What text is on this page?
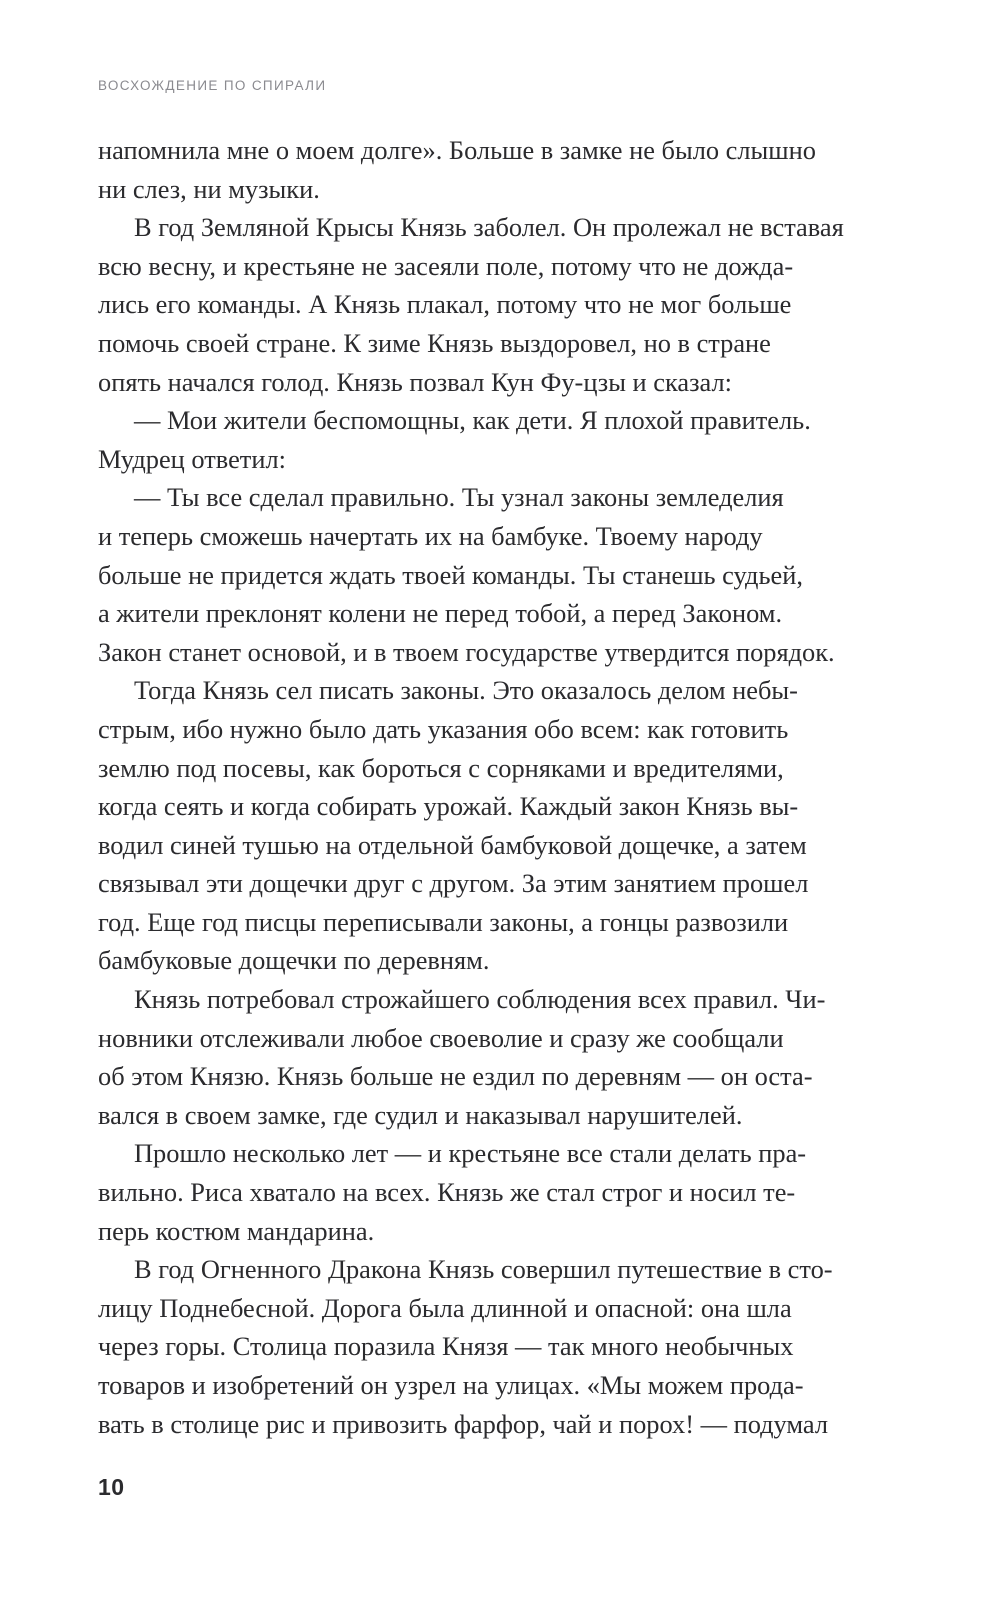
ВОСХОЖДЕНИЕ ПО СПИРАЛИ

напомнила мне о моем долге». Больше в замке не было слышно
ни слез, ни музыки.

В год Земляной Крысы Князь заболел. Он пролежал не вставая
всю весну, и крестьяне не засеяли поле, потому что не дожда-
лись его команды. А Князь плакал, потому что не мог больше
помочь своей стране. К зиме Князь выздоровел, но в стране
опять начался голод. Князь позвал Кун Фу-цзы и сказал:

— Мои жители беспомощны, как дети. Я плохой правитель.

Мудрец ответил:

— Ты все сделал правильно. Ты узнал законы земледелия
и теперь сможешь начертать их на бамбуке. Твоему народу
больше не придется ждать твоей команды. Ты станешь судьей,
а жители преклонят колени не перед тобой, а перед Законом.
Закон станет основой, и в твоем государстве утвердится порядок.

Тогда Князь сел писать законы. Это оказалось делом небы-
стрым, ибо нужно было дать указания обо всем: как готовить
землю под посевы, как бороться с сорняками и вредителями,
когда сеять и когда собирать урожай. Каждый закон Князь вы-
водил синей тушью на отдельной бамбуковой дощечке, а затем
связывал эти дощечки друг с другом. За этим занятием прошел
год. Еще год писцы переписывали законы, а гонцы развозили
бамбуковые дощечки по деревням.

Князь потребовал строжайшего соблюдения всех правил. Чи-
новники отслеживали любое своеволие и сразу же сообщали
об этом Князю. Князь больше не ездил по деревням — он оста-
вался в своем замке, где судил и наказывал нарушителей.

Прошло несколько лет — и крестьяне все стали делать пра-
вильно. Риса хватало на всех. Князь же стал строг и носил те-
перь костюм мандарина.

В год Огненного Дракона Князь совершил путешествие в сто-
лицу Поднебесной. Дорога была длинной и опасной: она шла
через горы. Столица поразила Князя — так много необычных
товаров и изобретений он узрел на улицах. «Мы можем прода-
вать в столице рис и привозить фарфор, чай и порох! — подумал

10
